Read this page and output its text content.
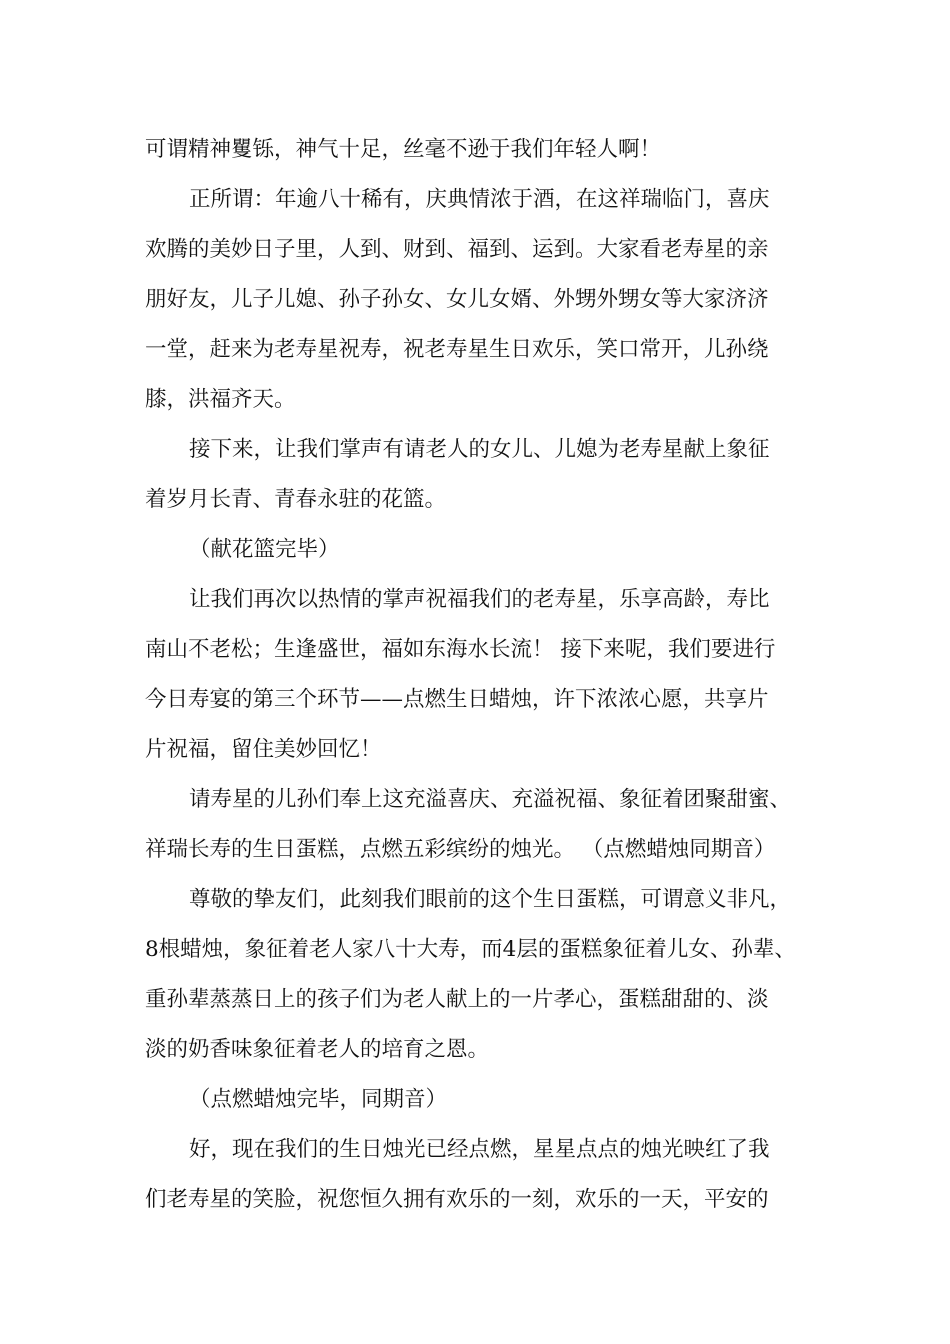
可谓精神矍铄，神气十足，丝毫不逊于我们年轻人啊！
正所谓：年逾八十稀有，庆典情浓于酒，在这祥瑞临门，喜庆
欢腾的美妙日子里，人到、财到、福到、运到。大家看老寿星的亲
朋好友，儿子儿媳、孙子孙女、女儿女婿、外甥外甥女等大家济济
一堂，赶来为老寿星祝寿，祝老寿星生日欢乐，笑口常开，儿孙绕
膝，洪福齐天。
接下来，让我们掌声有请老人的女儿、儿媳为老寿星献上象征
着岁月长青、青春永驻的花篮。
（献花篮完毕）
让我们再次以热情的掌声祝福我们的老寿星，乐享高龄，寿比
南山不老松；生逢盛世，福如东海水长流！ 接下来呢，我们要进行
今日寿宴的第三个环节——点燃生日蜡烛，许下浓浓心愿，共享片
片祝福，留住美妙回忆！
请寿星的儿孙们奉上这充溢喜庆、充溢祝福、象征着团聚甜蜜、
祥瑞长寿的生日蛋糕，点燃五彩缤纷的烛光。 （点燃蜡烛同期音）
尊敬的挚友们，此刻我们眼前的这个生日蛋糕，可谓意义非凡，
8根蜡烛，象征着老人家八十大寿，而4层的蛋糕象征着儿女、孙辈、
重孙辈蒸蒸日上的孩子们为老人献上的一片孝心，蛋糕甜甜的、淡
淡的奶香味象征着老人的培育之恩。
（点燃蜡烛完毕，同期音）
好，现在我们的生日烛光已经点燃，星星点点的烛光映红了我
们老寿星的笑脸，祝您恒久拥有欢乐的一刻，欢乐的一天，平安的
